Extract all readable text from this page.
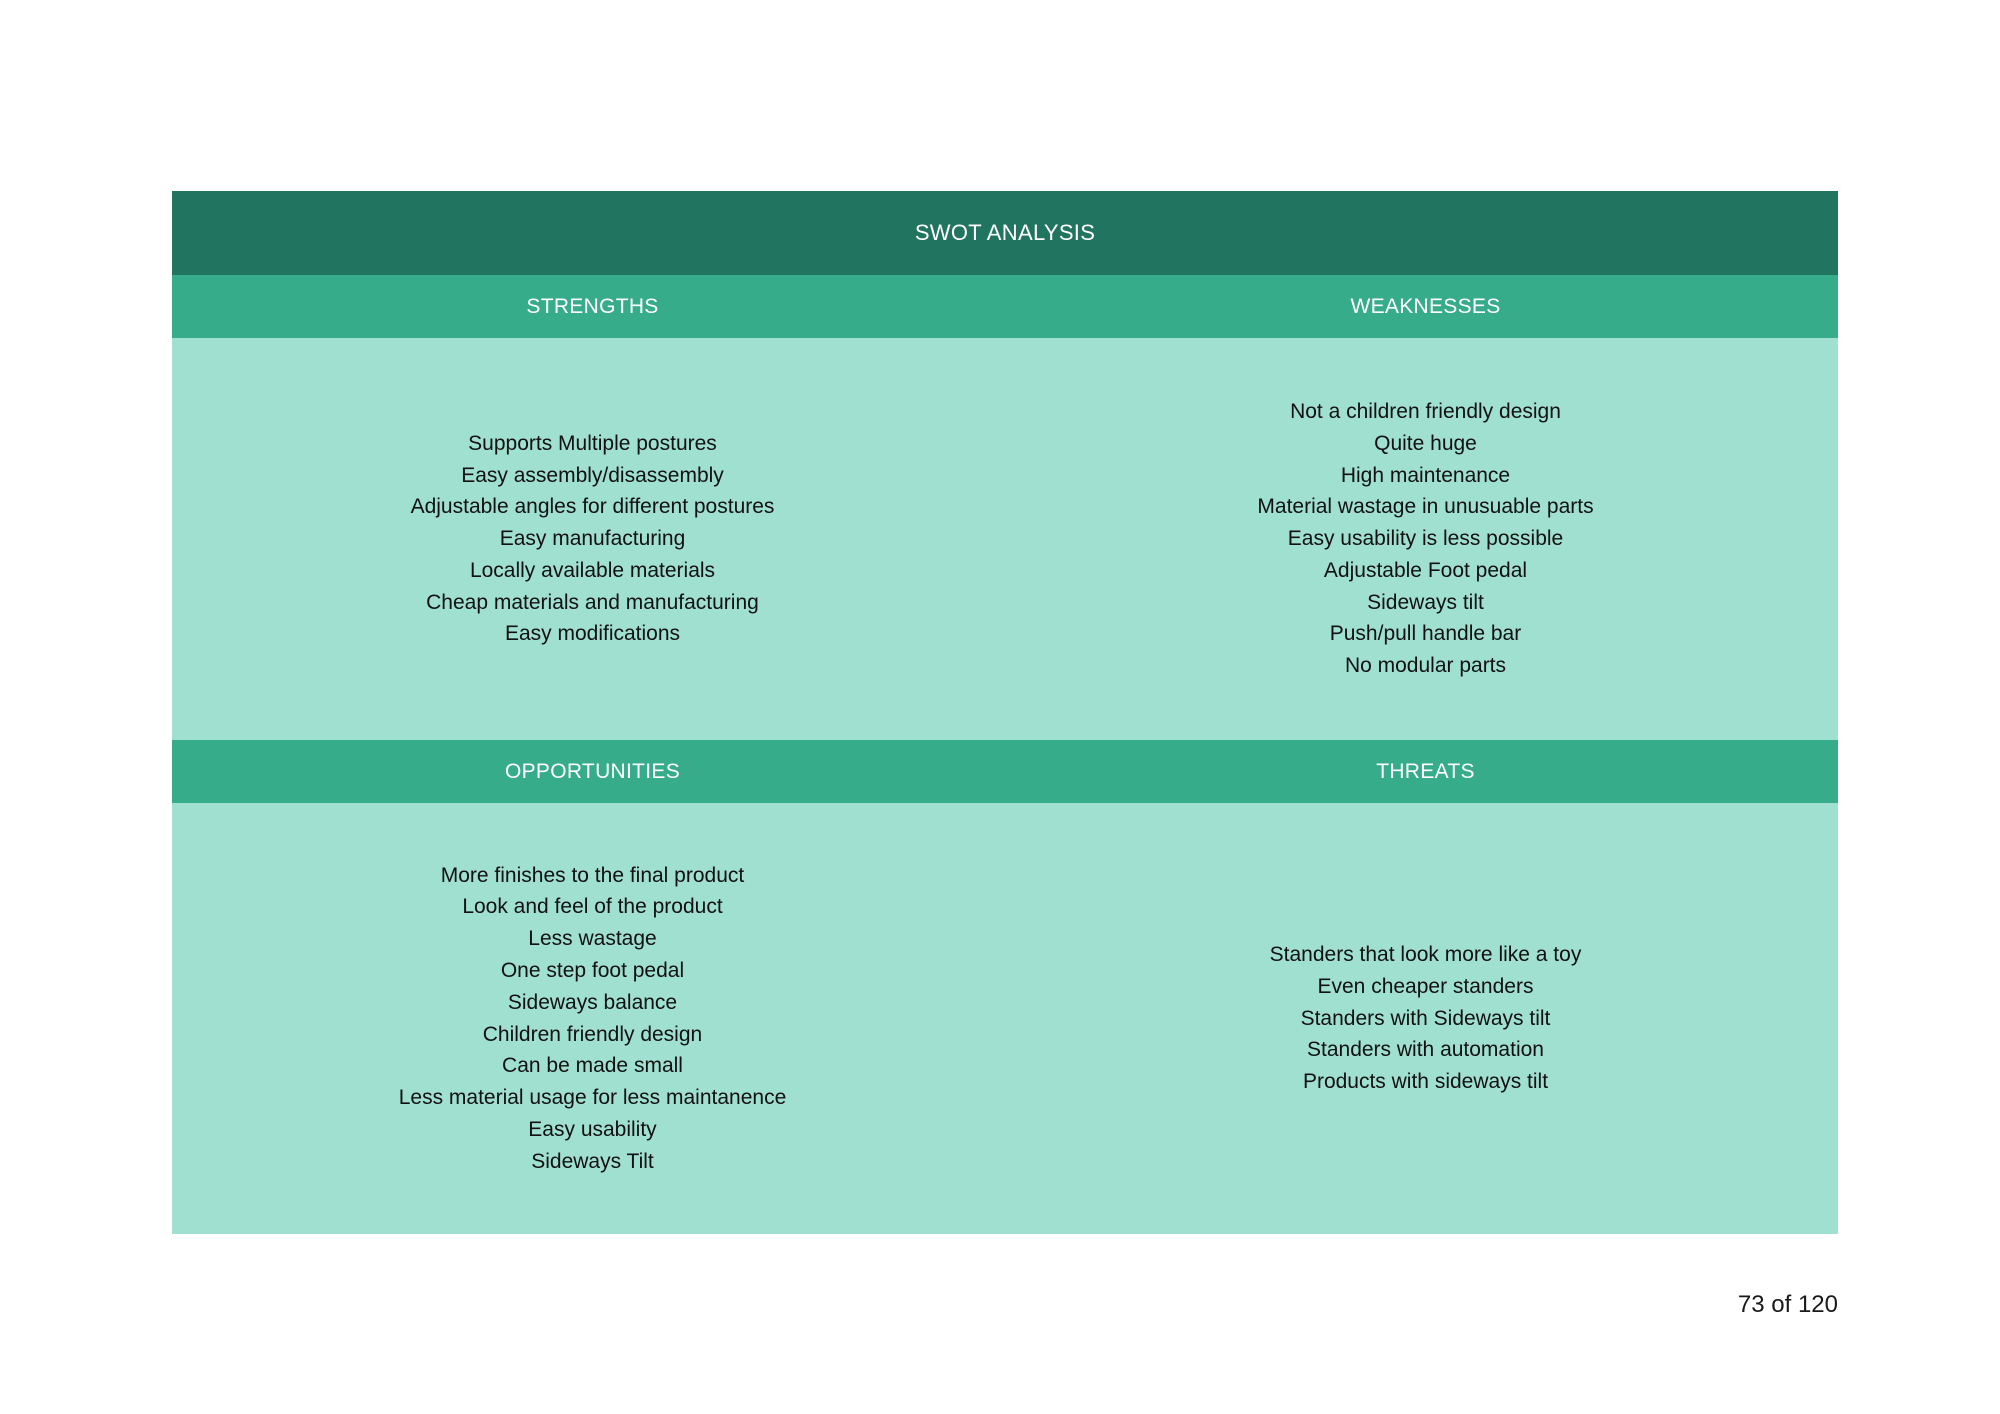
SWOT ANALYSIS
STRENGTHS	WEAKNESSES
Supports Multiple postures
Easy assembly/disassembly
Adjustable angles for different postures
Easy manufacturing
Locally available materials
Cheap materials and manufacturing
Easy modifications
Not a children friendly design
Quite huge
High maintenance
Material wastage in unusuable parts
Easy usability is less possible
Adjustable Foot pedal
Sideways tilt
Push/pull handle bar
No modular parts
OPPORTUNITIES	THREATS
More finishes to the final product
Look and feel of the product
Less wastage
One step foot pedal
Sideways balance
Children friendly design
Can be made small
Less material usage for less maintanence
Easy usability
Sideways Tilt
Standers that look more like a toy
Even cheaper standers
Standers with Sideways tilt
Standers with automation
Products with sideways tilt
73 of 120
